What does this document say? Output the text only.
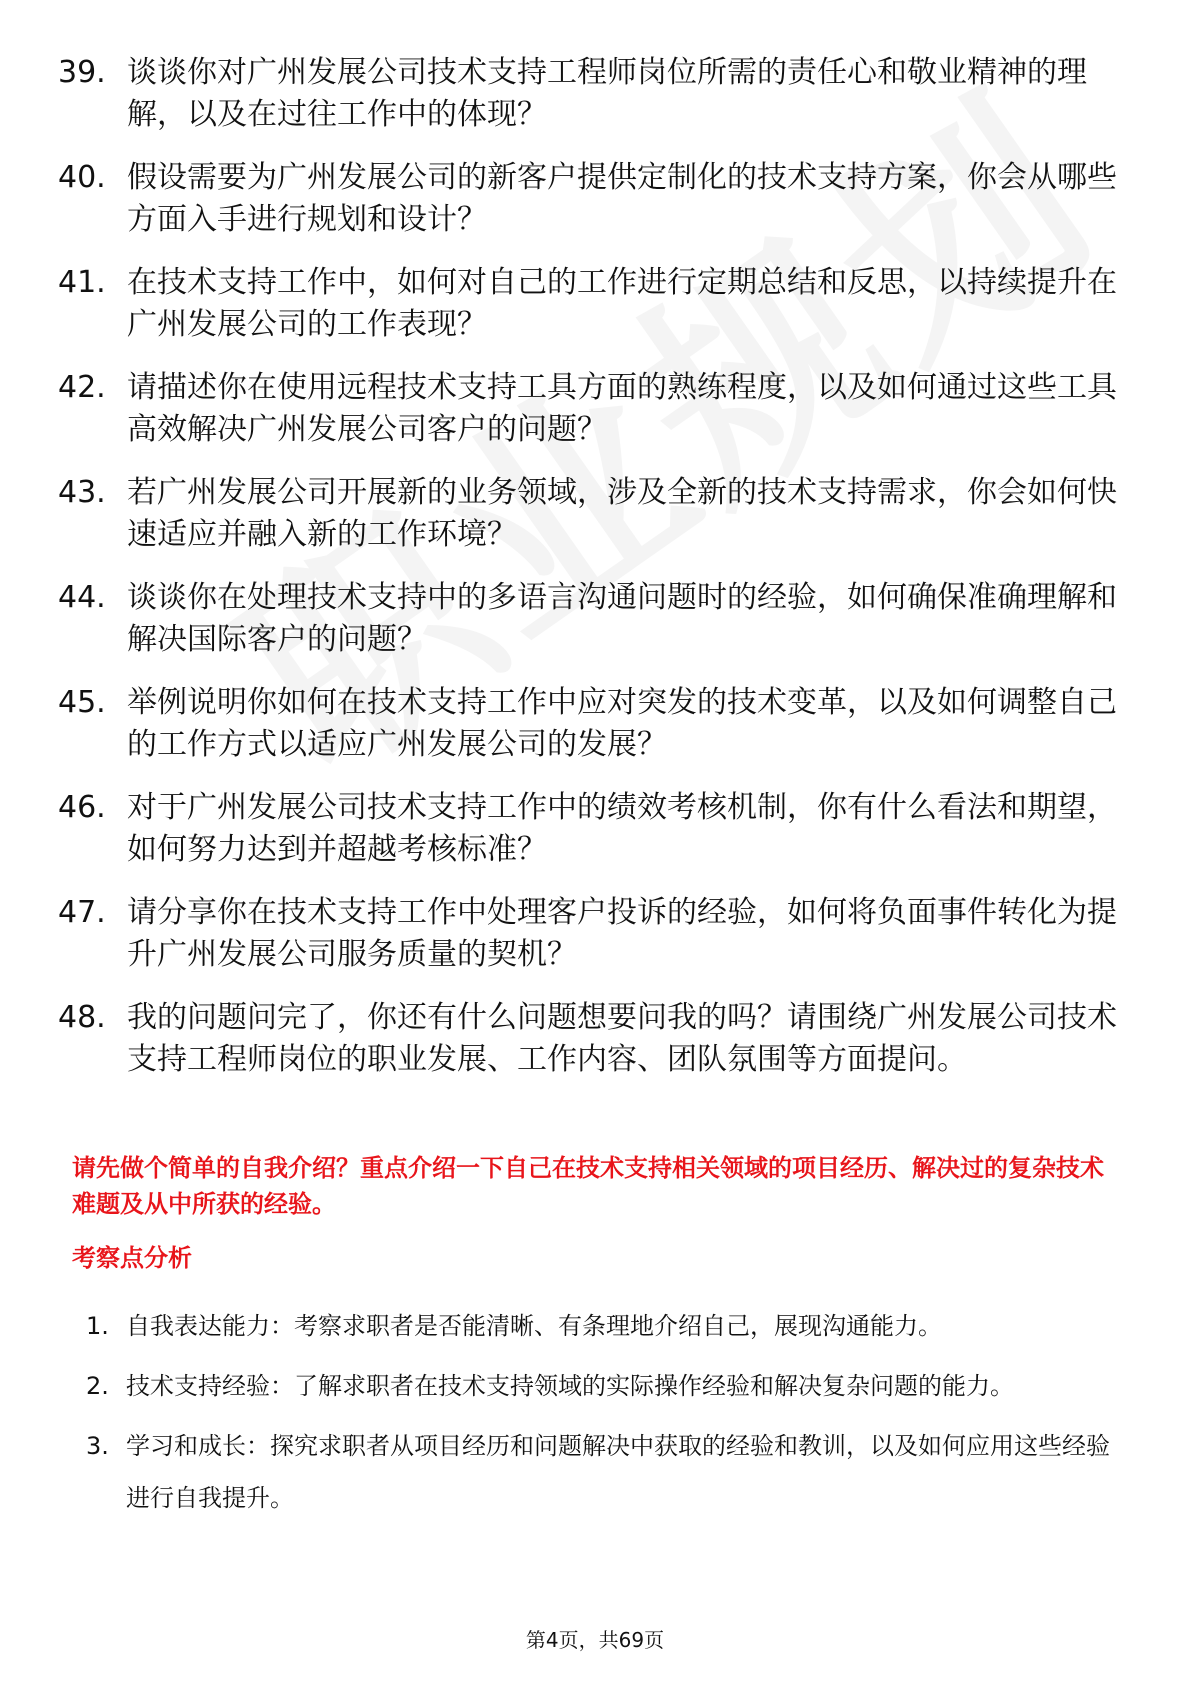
39. 谈谈你对广州发展公司技术支持工程师岗位所需的责任心和敬业精神的理解，以及在过往工作中的体现？
40. 假设需要为广州发展公司的新客户提供定制化的技术支持方案，你会从哪些方面入手进行规划和设计？
41. 在技术支持工作中，如何对自己的工作进行定期总结和反思，以持续提升在广州发展公司的工作表现？
42. 请描述你在使用远程技术支持工具方面的熟练程度，以及如何通过这些工具高效解决广州发展公司客户的问题？
43. 若广州发展公司开展新的业务领域，涉及全新的技术支持需求，你会如何快速适应并融入新的工作环境？
44. 谈谈你在处理技术支持中的多语言沟通问题时的经验，如何确保准确理解和解决国际客户的问题？
45. 举例说明你如何在技术支持工作中应对突发的技术变革，以及如何调整自己的工作方式以适应广州发展公司的发展？
46. 对于广州发展公司技术支持工作中的绩效考核机制，你有什么看法和期望，如何努力达到并超越考核标准？
47. 请分享你在技术支持工作中处理客户投诉的经验，如何将负面事件转化为提升广州发展公司服务质量的契机？
48. 我的问题问完了，你还有什么问题想要问我的吗？请围绕广州发展公司技术支持工程师岗位的职业发展、工作内容、团队氛围等方面提问。

请先做个简单的自我介绍？重点介绍一下自己在技术支持相关领域的项目经历、解决过的复杂技术难题及从中所获的经验。

考察点分析

1. 自我表达能力：考察求职者是否能清晰、有条理地介绍自己，展现沟通能力。
2. 技术支持经验：了解求职者在技术支持领域的实际操作经验和解决复杂问题的能力。
3. 学习和成长：探究求职者从项目经历和问题解决中获取的经验和教训，以及如何应用这些经验进行自我提升。
第4页，共69页
